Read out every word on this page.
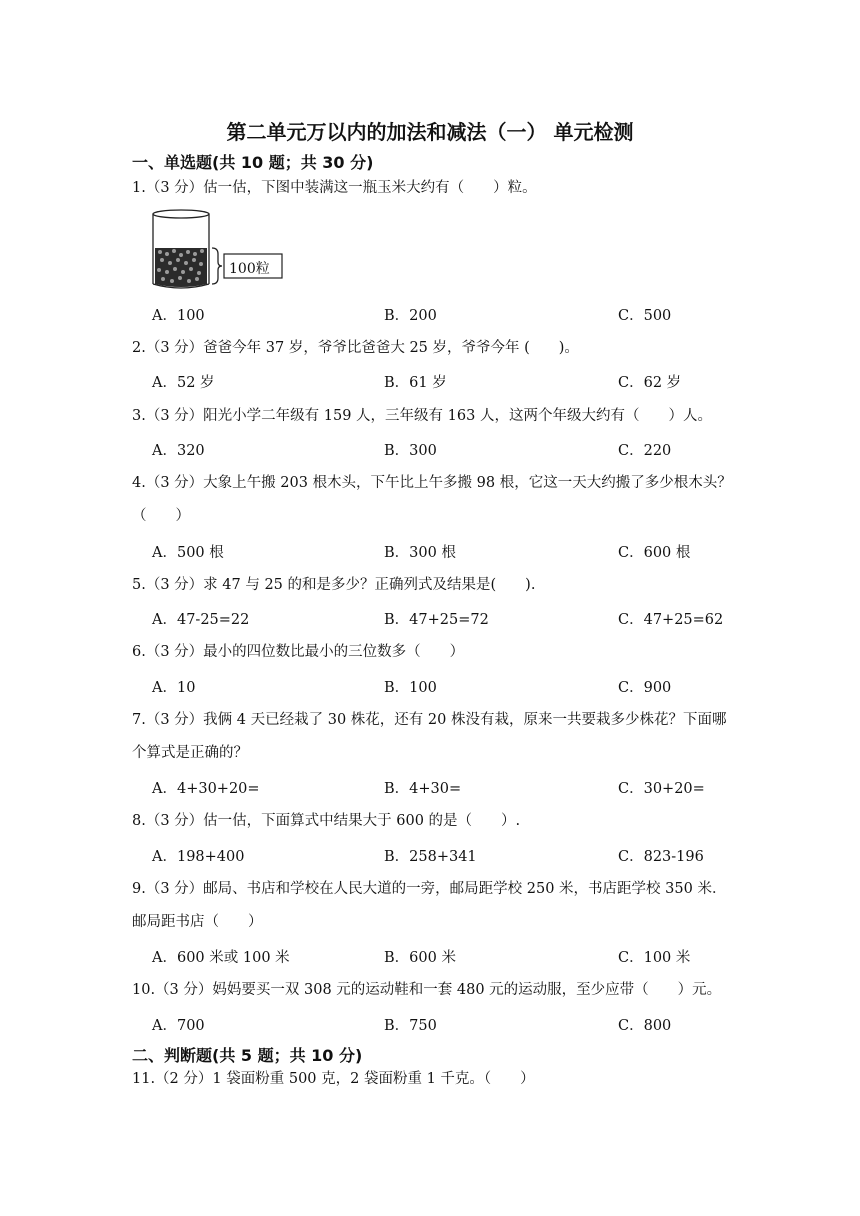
第二单元万以内的加法和减法（一） 单元检测
一、单选题(共 10 题；共 30 分)
1.（3 分）估一估，下图中装满这一瓶玉米大约有（　　）粒。
100粒
A．100	B．200	C．500
2.（3 分）爸爸今年 37 岁，爷爷比爸爸大 25 岁，爷爷今年 (　　)。
A．52 岁	B．61 岁	C．62 岁
3.（3 分）阳光小学二年级有 159 人，三年级有 163 人，这两个年级大约有（　　）人。
A．320	B．300	C．220
4.（3 分）大象上午搬 203 根木头，下午比上午多搬 98 根，它这一天大约搬了多少根木头？（　　）
A．500 根	B．300 根	C．600 根
5.（3 分）求 47 与 25 的和是多少？正确列式及结果是(　　).
A．47-25=22	B．47+25=72	C．47+25=62
6.（3 分）最小的四位数比最小的三位数多（　　）
A．10	B．100	C．900
7.（3 分）我俩 4 天已经栽了 30 株花，还有 20 株没有栽，原来一共要栽多少株花？下面哪个算式是正确的？
A．4+30+20=	B．4+30=	C．30+20=
8.（3 分）估一估，下面算式中结果大于 600 的是（　　）.
A．198+400	B．258+341	C．823-196
9.（3 分）邮局、书店和学校在人民大道的一旁，邮局距学校 250 米，书店距学校 350 米．邮局距书店（　　）
A．600 米或 100 米	B．600 米	C．100 米
10.（3 分）妈妈要买一双 308 元的运动鞋和一套 480 元的运动服，至少应带（　　）元。
A．700	B．750	C．800
二、判断题(共 5 题；共 10 分)
11.（2 分）1 袋面粉重 500 克，2 袋面粉重 1 千克。（　　）
